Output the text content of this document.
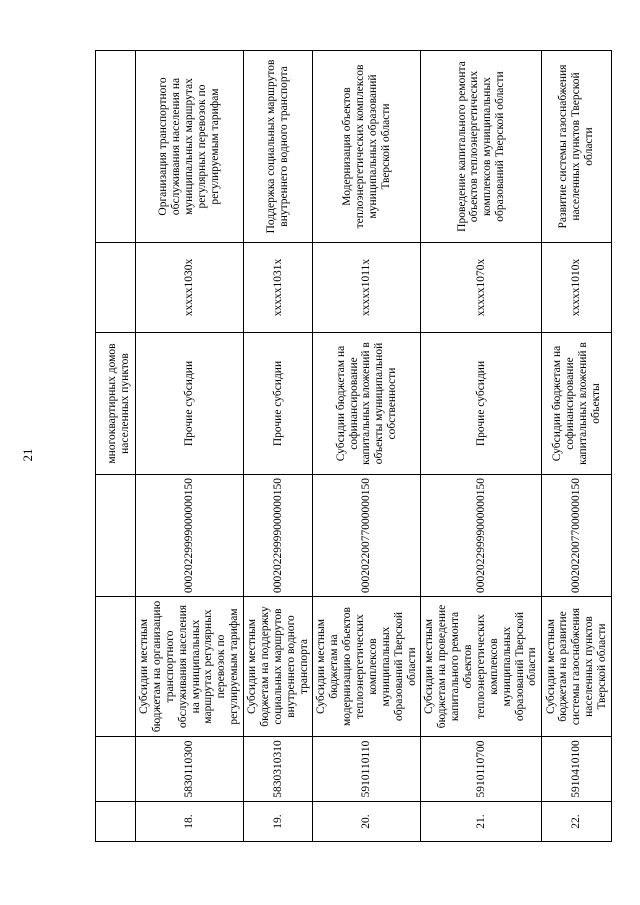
21
					многоквартирных домов населенных пунктов		
18.	5830110300	Субсидии местным бюджетам на организацию транспортного обслуживания населения на муниципальных маршрутах регулярных перевозок по регулируемым тарифам	00020229999000000150	Прочие субсидии	xxxxx1030x	Организация транспортного обслуживания населения на муниципальных маршрутах регулярных перевозок по регулируемым тарифам
19.	5830310310	Субсидии местным бюджетам на поддержку социальных маршрутов внутреннего водного транспорта	00020229999000000150	Прочие субсидии	xxxxx1031x	Поддержка социальных маршрутов внутреннего водного транспорта
20.	5910110110	Субсидии местным бюджетам на модернизацию объектов теплоэнергетических комплексов муниципальных образований Тверской области	00020220077000000150	Субсидии бюджетам на софинансирование капитальных вложений в объекты муниципальной собственности	xxxxx1011x	Модернизация объектов теплоэнергетических комплексов муниципальных образований Тверской области
21.	5910110700	Субсидии местным бюджетам на проведение капитального ремонта объектов теплоэнергетических комплексов муниципальных образований Тверской области	00020229999000000150	Прочие субсидии	xxxxx1070x	Проведение капитального ремонта объектов теплоэнергетических комплексов муниципальных образований Тверской области
22.	5910410100	Субсидии местным бюджетам на развитие системы газоснабжения населенных пунктов Тверской области	00020220077000000150	Субсидии бюджетам на софинансирование капитальных вложений в объекты	xxxxx1010x	Развитие системы газоснабжения населенных пунктов Тверской области
